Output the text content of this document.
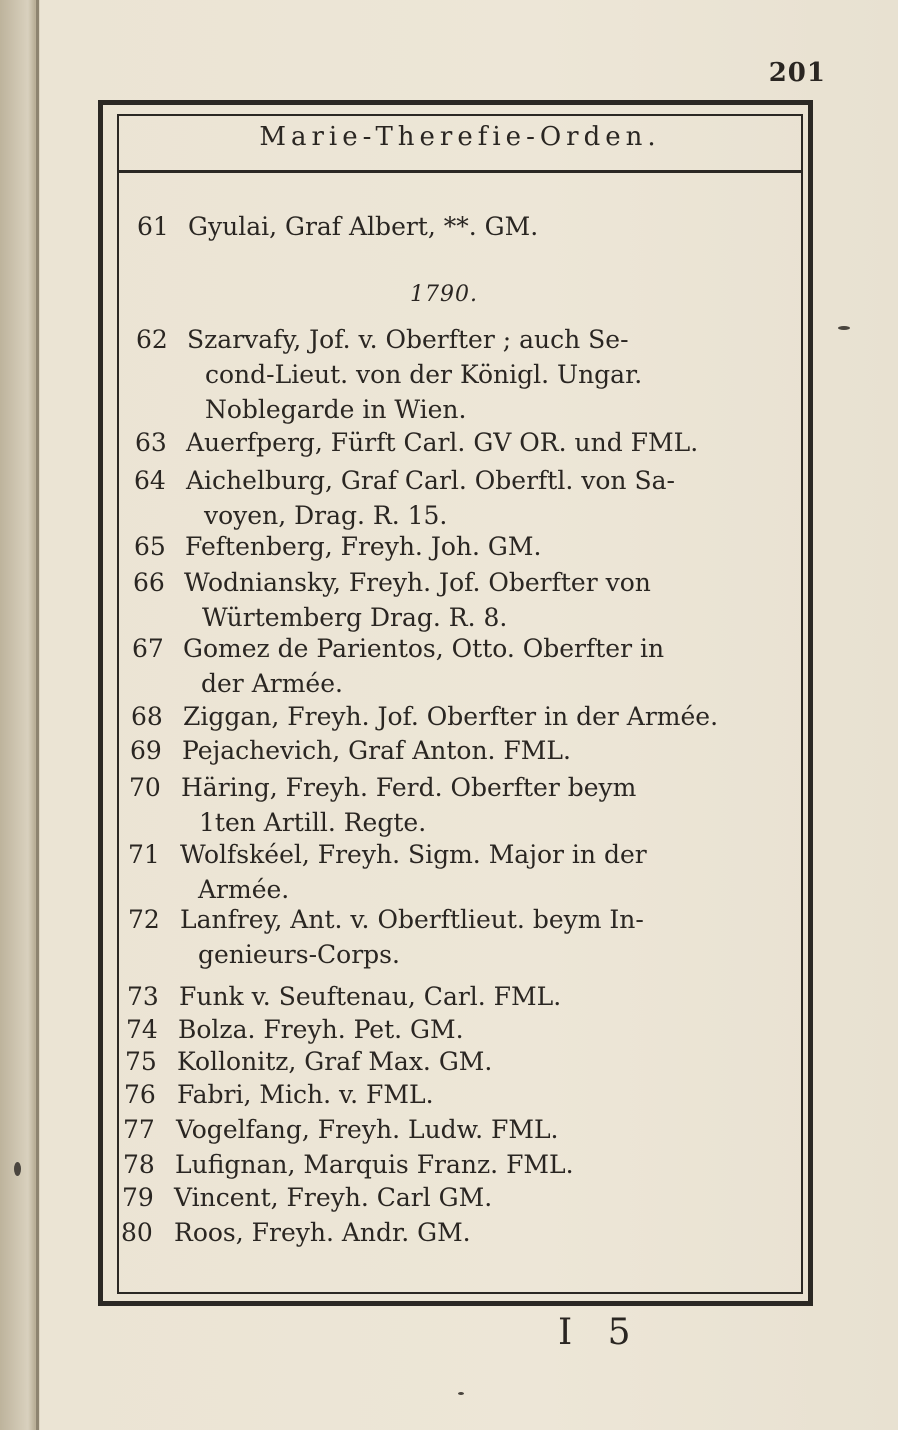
201
Marie-Therefie-Orden.
1790.
61 Gyulai, Graf Albert, **. GM.
62 Szarvafy, Jof. v. Oberfter ; auch Se-
cond-Lieut. von der Königl. Ungar.
Noblegarde in Wien.
63 Auerfperg, Fürft Carl. GV OR. und FML.
64 Aichelburg, Graf Carl. Oberftl. von Sa-
voyen, Drag. R. 15.
65 Feftenberg, Freyh. Joh. GM.
66 Wodniansky, Freyh. Jof. Oberfter von
Würtemberg Drag. R. 8.
67 Gomez de Parientos, Otto. Oberfter in
der Armée.
68 Ziggan, Freyh. Jof. Oberfter in der Armée.
69 Pejachevich, Graf Anton. FML.
70 Häring, Freyh. Ferd. Oberfter beym
1ten Artill. Regte.
71 Wolfskéel, Freyh. Sigm. Major in der
Armée.
72 Lanfrey, Ant. v. Oberftlieut. beym In-
genieurs-Corps.
73 Funk v. Seuftenau, Carl. FML.
74 Bolza. Freyh. Pet. GM.
75 Kollonitz, Graf Max. GM.
76 Fabri, Mich. v. FML.
77 Vogelfang, Freyh. Ludw. FML.
78 Lufignan, Marquis Franz. FML.
79 Vincent, Freyh. Carl GM.
80 Roos, Freyh. Andr. GM.
I 5
